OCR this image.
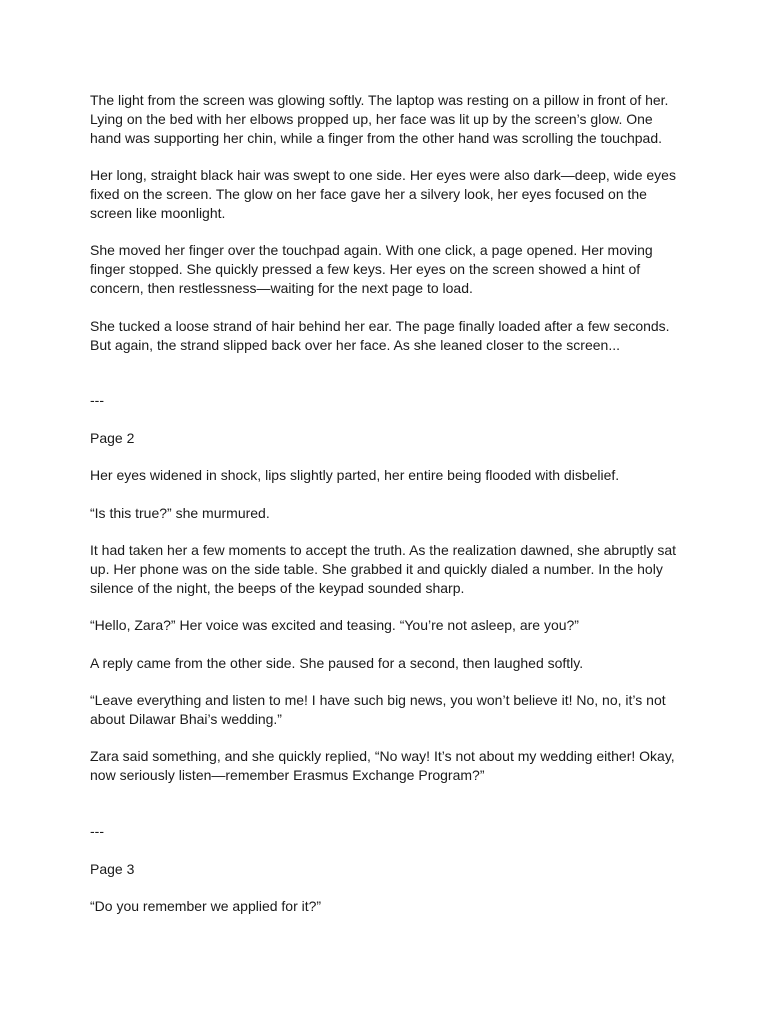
The light from the screen was glowing softly. The laptop was resting on a pillow in front of her.
Lying on the bed with her elbows propped up, her face was lit up by the screen’s glow. One
hand was supporting her chin, while a finger from the other hand was scrolling the touchpad.

Her long, straight black hair was swept to one side. Her eyes were also dark—deep, wide eyes
fixed on the screen. The glow on her face gave her a silvery look, her eyes focused on the
screen like moonlight.

She moved her finger over the touchpad again. With one click, a page opened. Her moving
finger stopped. She quickly pressed a few keys. Her eyes on the screen showed a hint of
concern, then restlessness—waiting for the next page to load.

She tucked a loose strand of hair behind her ear. The page finally loaded after a few seconds.
But again, the strand slipped back over her face. As she leaned closer to the screen...

---

Page 2

Her eyes widened in shock, lips slightly parted, her entire being flooded with disbelief.

“Is this true?” she murmured.

It had taken her a few moments to accept the truth. As the realization dawned, she abruptly sat
up. Her phone was on the side table. She grabbed it and quickly dialed a number. In the holy
silence of the night, the beeps of the keypad sounded sharp.

“Hello, Zara?” Her voice was excited and teasing. “You’re not asleep, are you?”

A reply came from the other side. She paused for a second, then laughed softly.

“Leave everything and listen to me! I have such big news, you won’t believe it! No, no, it’s not
about Dilawar Bhai’s wedding.”

Zara said something, and she quickly replied, “No way! It’s not about my wedding either! Okay,
now seriously listen—remember Erasmus Exchange Program?”

---

Page 3

“Do you remember we applied for it?”
